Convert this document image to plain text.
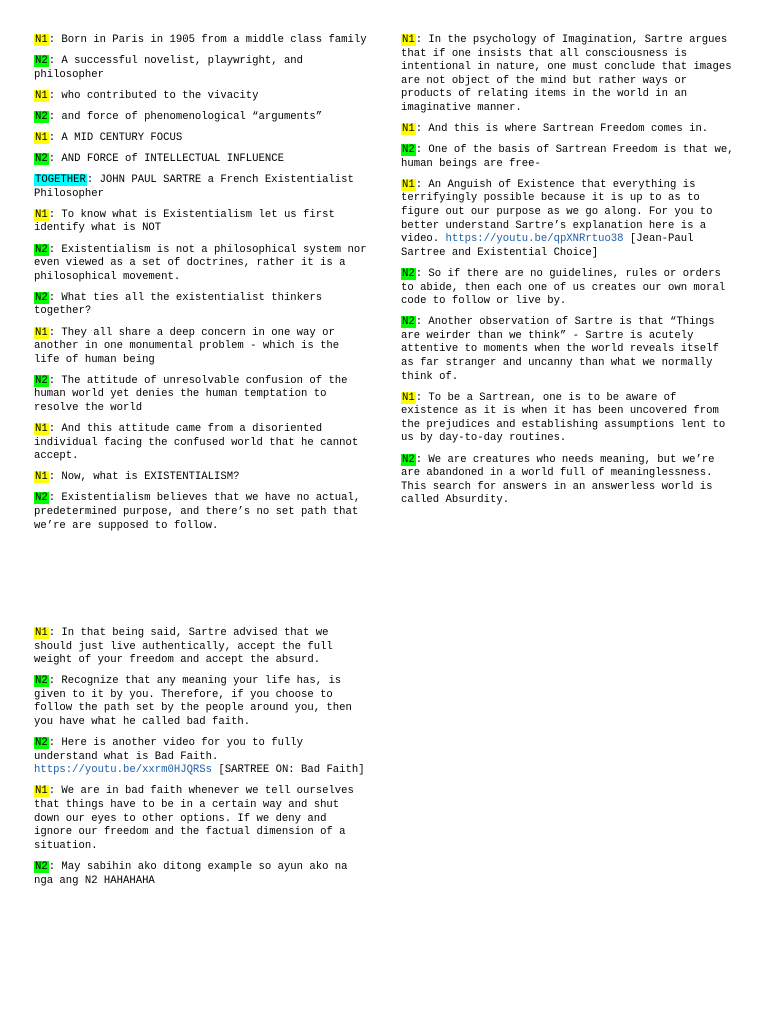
N1: Born in Paris in 1905 from a middle class family

N2: A successful novelist, playwright, and philosopher

N1: who contributed to the vivacity

N2: and force of phenomenological “arguments”

N1: A MID CENTURY FOCUS

N2: AND FORCE of INTELLECTUAL INFLUENCE

TOGETHER: JOHN PAUL SARTRE a French Existentialist Philosopher

N1: To know what is Existentialism let us first identify what is NOT

N2: Existentialism is not a philosophical system nor even viewed as a set of doctrines, rather it is a philosophical movement.

N2: What ties all the existentialist thinkers together?

N1: They all share a deep concern in one way or another in one monumental problem - which is the life of human being

N2: The attitude of unresolvable confusion of the human world yet denies the human temptation to resolve the world

N1: And this attitude came from a disoriented individual facing the confused world that he cannot accept.

N1: Now, what is EXISTENTIALISM?

N2: Existentialism believes that we have no actual, predetermined purpose, and there’s no set path that we’re are supposed to follow.

N1: In the psychology of Imagination, Sartre argues that if one insists that all consciousness is intentional in nature, one must conclude that images are not object of the mind but rather ways or products of relating items in the world in an imaginative manner.

N1: And this is where Sartrean Freedom comes in.

N2: One of the basis of Sartrean Freedom is that we, human beings are free-

N1: An Anguish of Existence that everything is terrifyingly possible because it is up to as to figure out our purpose as we go along. For you to better understand Sartre’s explanation here is a video. https://youtu.be/qpXNRrtuo38 [Jean-Paul Sartree and Existential Choice]

N2: So if there are no guidelines, rules or orders to abide, then each one of us creates our own moral code to follow or live by.

N2: Another observation of Sartre is that “Things are weirder than we think” - Sartre is acutely attentive to moments when the world reveals itself as far stranger and uncanny than what we normally think of.

N1: To be a Sartrean, one is to be aware of existence as it is when it has been uncovered from the prejudices and establishing assumptions lent to us by day-to-day routines.

N2: We are creatures who needs meaning, but we’re are abandoned in a world full of meaninglessness. This search for answers in an answerless world is called Absurdity.

N1: In that being said, Sartre advised that we should just live authentically, accept the full weight of your freedom and accept the absurd.

N2: Recognize that any meaning your life has, is given to it by you. Therefore, if you choose to follow the path set by the people around you, then you have what he called bad faith.

N2: Here is another video for you to fully understand what is Bad Faith. https://youtu.be/xxrm0HJQRSs [SARTREE ON: Bad Faith]

N1: We are in bad faith whenever we tell ourselves that things have to be in a certain way and shut down our eyes to other options. If we deny and ignore our freedom and the factual dimension of a situation.

N2: May sabihin ako ditong example so ayun ako na nga ang N2 HAHAHAHA
